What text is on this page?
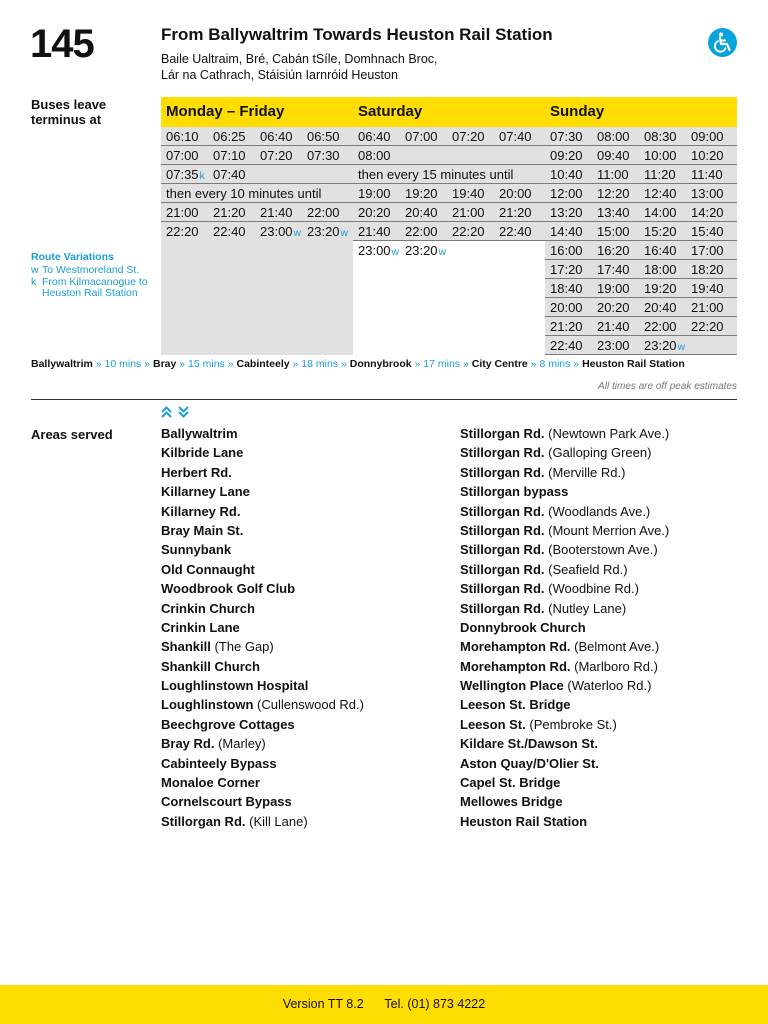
145	From Ballywaltrim Towards Heuston Rail Station
Baile Ualtraim, Bré, Cabán tSíle, Domhnach Broc,
Lár na Cathrach, Stáisiún Iarnróid Heuston
Buses leave terminus at	Monday – Friday
06:10	06:25	06:40	06:50
07:00	07:10	07:20	07:30
07:35k 07:40
then every 10 minutes until
21:00	21:20	21:40	22:00
22:20	22:40	23:00w 23:20w
Saturday
06:40	07:00	07:20	07:40
08:00
then every 15 minutes until
19:00	19:20	19:40	20:00
20:20	20:40	21:00	21:20
21:40	22:00	22:20	22:40
23:00w 23:20w
Sunday
07:30	08:00	08:30	09:00
09:20	09:40	10:00	10:20
10:40	11:00	11:20	11:40
12:00	12:20	12:40	13:00
13:20	13:40	14:00	14:20
14:40	15:00	15:20	15:40
16:00	16:20	16:40	17:00
17:20	17:40	18:00	18:20
18:40	19:00	19:20	19:40
20:00	20:20	20:40	21:00
21:20	21:40	22:00	22:20
22:40	23:00	23:20w
Route Variations
w To Westmoreland St.
k From Kilmacanogue to Heuston Rail Station
Ballywaltrim » 10 mins » Bray » 15 mins » Cabinteely » 18 mins » Donnybrook » 17 mins » City Centre » 8 mins » Heuston Rail Station
All times are off peak estimates
Areas served	Ballywaltrim
Kilbride Lane
Herbert Rd.
Killarney Lane
Killarney Rd.
Bray Main St.
Sunnybank
Old Connaught
Woodbrook Golf Club
Crinkin Church
Crinkin Lane
Shankill (The Gap)
Shankill Church
Loughlinstown Hospital
Loughlinstown (Cullenswood Rd.)
Beechgrove Cottages
Bray Rd. (Marley)
Cabinteely Bypass
Monaloe Corner
Cornelscourt Bypass
Stillorgan Rd. (Kill Lane)
Stillorgan Rd. (Newtown Park Ave.)
Stillorgan Rd. (Galloping Green)
Stillorgan Rd. (Merville Rd.)
Stillorgan bypass
Stillorgan Rd. (Woodlands Ave.)
Stillorgan Rd. (Mount Merrion Ave.)
Stillorgan Rd. (Booterstown Ave.)
Stillorgan Rd. (Seafield Rd.)
Stillorgan Rd. (Woodbine Rd.)
Stillorgan Rd. (Nutley Lane)
Donnybrook Church
Morehampton Rd. (Belmont Ave.)
Morehampton Rd. (Marlboro Rd.)
Wellington Place (Waterloo Rd.)
Leeson St. Bridge
Leeson St. (Pembroke St.)
Kildare St./Dawson St.
Aston Quay/D'Olier St.
Capel St. Bridge
Mellowes Bridge
Heuston Rail Station
Version TT 8.2 Tel. (01) 873 4222
